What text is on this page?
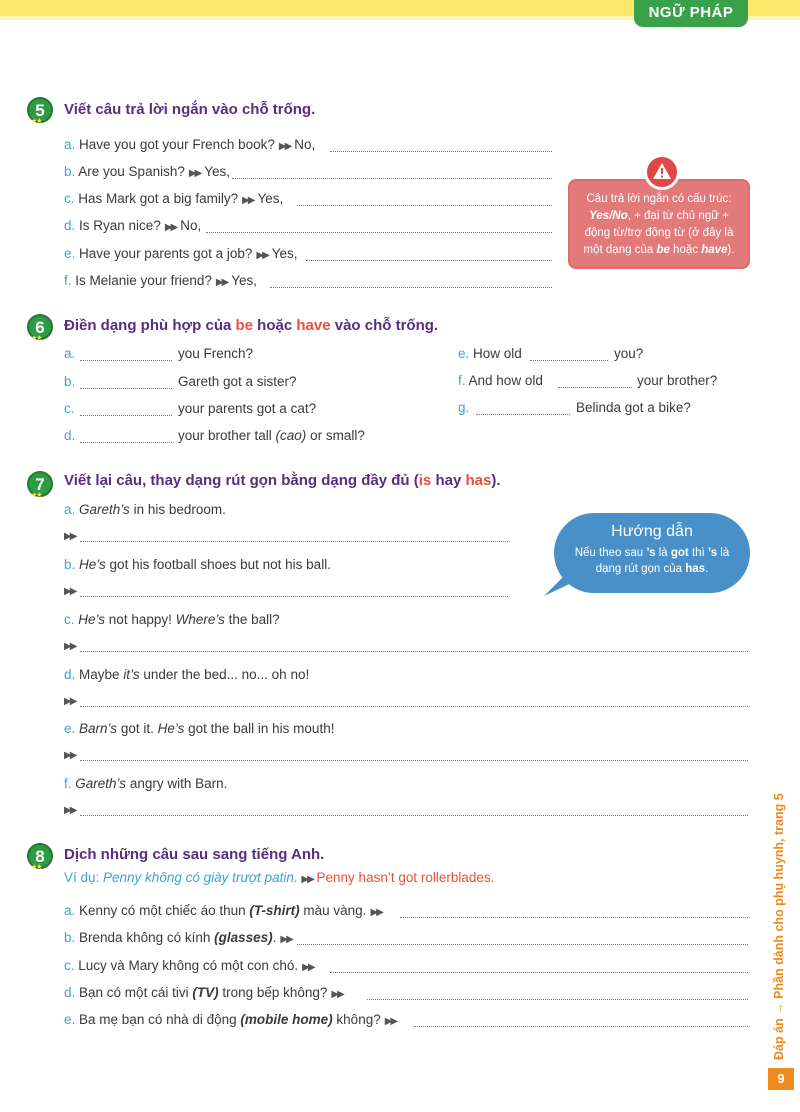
NGỮ PHÁP
5
★★
Viết câu trả lời ngắn vào chỗ trống.
a. Have you got your French book? ▶▶ No,
b. Are you Spanish? ▶▶ Yes,
c. Has Mark got a big family? ▶▶ Yes,
d. Is Ryan nice? ▶▶ No,
e. Have your parents got a job? ▶▶ Yes,
f. Is Melanie your friend? ▶▶ Yes,
Câu trả lời ngắn có cấu trúc:
Yes/No, + đại từ chủ ngữ +
động từ/trợ động từ (ở đây là
một dạng của be hoặc have).
6
★★
Điền dạng phù hợp của be hoặc have vào chỗ trống.
a.	you French?
b.	Gareth got a sister?
c.	your parents got a cat?
d.	your brother tall (cao) or small?
e. How old	you?
f. And how old	your brother?
g.	Belinda got a bike?
7
★★
Viết lại câu, thay dạng rút gọn bằng dạng đầy đủ (is hay has).
a. Gareth’s in his bedroom.
▶▶
b. He’s got his football shoes but not his ball.
▶▶
c. He’s not happy! Where’s the ball?
▶▶
d. Maybe it’s under the bed... no... oh no!
▶▶
e. Barn’s got it. He’s got the ball in his mouth!
▶▶
f. Gareth’s angry with Barn.
▶▶
Hướng dẫn
Nếu theo sau ’s là got thì ’s là
dạng rút gọn của has.
8
★★
Dịch những câu sau sang tiếng Anh.
Ví dụ: Penny không có giày trượt patin. ▶▶ Penny hasn’t got rollerblades.
a. Kenny có một chiếc áo thun (T-shirt) màu vàng. ▶▶
b. Brenda không có kính (glasses). ▶▶
c. Lucy và Mary không có một con chó. ▶▶
d. Bạn có một cái tivi (TV) trong bếp không? ▶▶
e. Ba mẹ bạn có nhà di động (mobile home) không? ▶▶	Đáp án → Phần dành cho phụ huynh, trang 5
9
